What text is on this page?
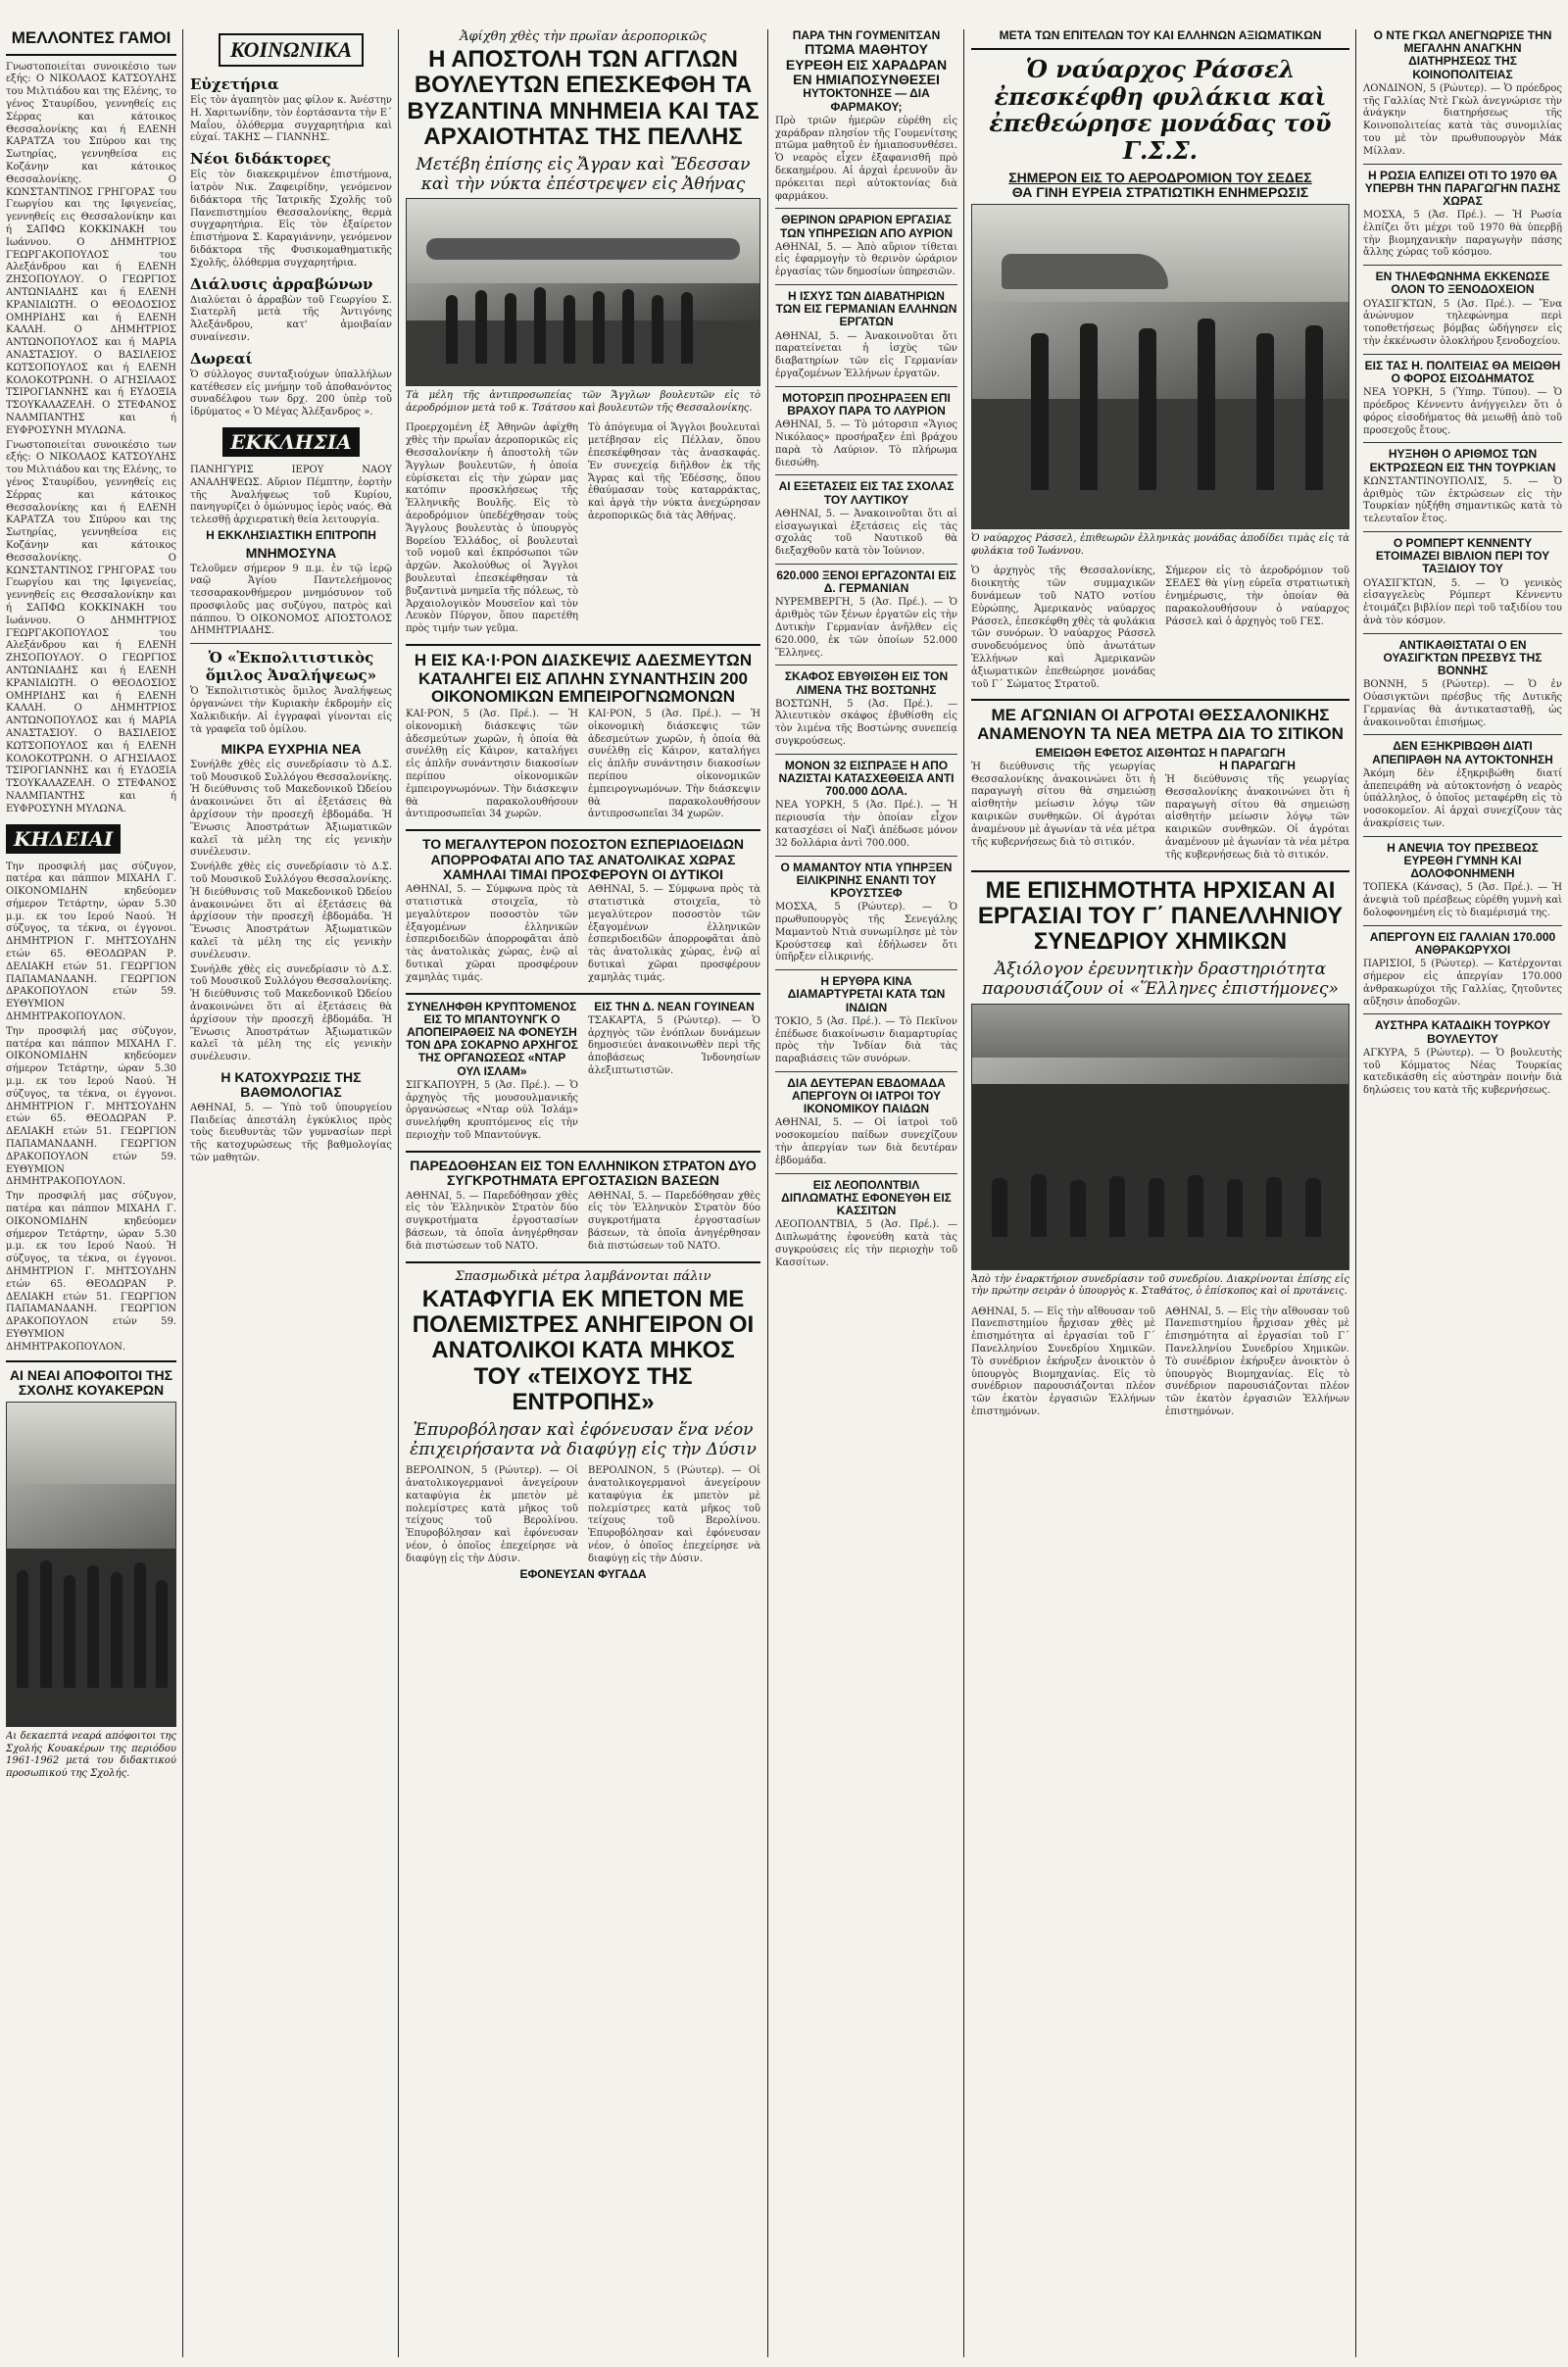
ΜΕΛΛΟΝΤΕΣ ΓΑΜΟΙ

Γνωστοποιείται συνοικέσιο των εξής: Ο ΝΙΚΟΛΑΟΣ ΚΑΤΣΟΥΛΗΣ του Μιλτιάδου και της Ελένης, το γένος Σταυρίδου, γεννηθείς εις Σέρρας και κάτοικος Θεσσαλονίκης και ή ΕΛΕΝΗ ΚΑΡΑΤΖΑ του Σπύρου και της Σωτηρίας, γεννηθείσα εις Κοζάνην και κάτοικος Θεσσαλονίκης. Ο ΚΩΝΣΤΑΝΤΙΝΟΣ ΓΡΗΓΟΡΑΣ του Γεωργίου και της Ιφιγενείας, γεννηθείς εις Θεσσαλονίκην και ή ΣΑΠΦΩ ΚΟΚΚΙΝΑΚΗ του Ιωάννου. Ο ΔΗΜΗΤΡΙΟΣ ΓΕΩΡΓΑΚΟΠΟΥΛΟΣ του Αλεξάνδρου και ή ΕΛΕΝΗ ΖΗΣΟΠΟΥΛΟΥ. Ο ΓΕΩΡΓΙΟΣ ΑΝΤΩΝΙΑΔΗΣ και ή ΕΛΕΝΗ ΚΡΑΝΙΔΙΩΤΗ. Ο ΘΕΟΔΟΣΙΟΣ ΟΜΗΡΙΔΗΣ και ή ΕΛΕΝΗ ΚΑΛΛΗ. Ο ΔΗΜΗΤΡΙΟΣ ΑΝΤΩΝΟΠΟΥΛΟΣ και ή ΜΑΡΙΑ ΑΝΑΣΤΑΣΙΟΥ. Ο ΒΑΣΙΛΕΙΟΣ ΚΩΤΣΟΠΟΥΛΟΣ και ή ΕΛΕΝΗ ΚΟΛΟΚΟΤΡΩΝΗ. Ο ΑΓΗΣΙΛΑΟΣ ΤΣΙΡΟΓΙΑΝΝΗΣ και ή ΕΥΔΟΞΙΑ ΤΣΟΥΚΑΛΑΖΕΛΗ. Ο ΣΤΕΦΑΝΟΣ ΝΑΛΜΠΑΝΤΗΣ και ή ΕΥΦΡΟΣΥΝΗ ΜΥΛΩΝΑ.

Γνωστοποιείται συνοικέσιο των εξής: Ο ΝΙΚΟΛΑΟΣ ΚΑΤΣΟΥΛΗΣ του Μιλτιάδου και της Ελένης, το γένος Σταυρίδου, γεννηθείς εις Σέρρας και κάτοικος Θεσσαλονίκης και ή ΕΛΕΝΗ ΚΑΡΑΤΖΑ του Σπύρου και της Σωτηρίας, γεννηθείσα εις Κοζάνην και κάτοικος Θεσσαλονίκης. Ο ΚΩΝΣΤΑΝΤΙΝΟΣ ΓΡΗΓΟΡΑΣ του Γεωργίου και της Ιφιγενείας, γεννηθείς εις Θεσσαλονίκην και ή ΣΑΠΦΩ ΚΟΚΚΙΝΑΚΗ του Ιωάννου. Ο ΔΗΜΗΤΡΙΟΣ ΓΕΩΡΓΑΚΟΠΟΥΛΟΣ του Αλεξάνδρου και ή ΕΛΕΝΗ ΖΗΣΟΠΟΥΛΟΥ. Ο ΓΕΩΡΓΙΟΣ ΑΝΤΩΝΙΑΔΗΣ και ή ΕΛΕΝΗ ΚΡΑΝΙΔΙΩΤΗ. Ο ΘΕΟΔΟΣΙΟΣ ΟΜΗΡΙΔΗΣ και ή ΕΛΕΝΗ ΚΑΛΛΗ. Ο ΔΗΜΗΤΡΙΟΣ ΑΝΤΩΝΟΠΟΥΛΟΣ και ή ΜΑΡΙΑ ΑΝΑΣΤΑΣΙΟΥ. Ο ΒΑΣΙΛΕΙΟΣ ΚΩΤΣΟΠΟΥΛΟΣ και ή ΕΛΕΝΗ ΚΟΛΟΚΟΤΡΩΝΗ. Ο ΑΓΗΣΙΛΑΟΣ ΤΣΙΡΟΓΙΑΝΝΗΣ και ή ΕΥΔΟΞΙΑ ΤΣΟΥΚΑΛΑΖΕΛΗ. Ο ΣΤΕΦΑΝΟΣ ΝΑΛΜΠΑΝΤΗΣ και ή ΕΥΦΡΟΣΥΝΗ ΜΥΛΩΝΑ.

ΚΗΔΕΙΑΙ

Την προσφιλή μας σύζυγον, πατέρα και πάππον ΜΙΧΑΗΛ Γ. ΟΙΚΟΝΟΜΙΔΗΝ κηδεύομεν σήμερον Τετάρτην, ώραν 5.30 μ.μ. εκ του Ιερού Ναού. Ἡ σύζυγος, τα τέκνα, οι έγγονοι. ΔΗΜΗΤΡΙΟΝ Γ. ΜΗΤΣΟΥΔΗΝ ετών 65. ΘΕΟΔΩΡΑΝ Ρ. ΔΕΛΙΑΚΗ ετών 51. ΓΕΩΡΓΙΟΝ ΠΑΠΑΜΑΝΔΑΝΗ. ΓΕΩΡΓΙΟΝ ΔΡΑΚΟΠΟΥΛΟΝ ετών 59. ΕΥΘΥΜΙΟΝ ΔΗΜΗΤΡΑΚΟΠΟΥΛΟΝ.

Την προσφιλή μας σύζυγον, πατέρα και πάππον ΜΙΧΑΗΛ Γ. ΟΙΚΟΝΟΜΙΔΗΝ κηδεύομεν σήμερον Τετάρτην, ώραν 5.30 μ.μ. εκ του Ιερού Ναού. Ἡ σύζυγος, τα τέκνα, οι έγγονοι. ΔΗΜΗΤΡΙΟΝ Γ. ΜΗΤΣΟΥΔΗΝ ετών 65. ΘΕΟΔΩΡΑΝ Ρ. ΔΕΛΙΑΚΗ ετών 51. ΓΕΩΡΓΙΟΝ ΠΑΠΑΜΑΝΔΑΝΗ. ΓΕΩΡΓΙΟΝ ΔΡΑΚΟΠΟΥΛΟΝ ετών 59. ΕΥΘΥΜΙΟΝ ΔΗΜΗΤΡΑΚΟΠΟΥΛΟΝ.

Την προσφιλή μας σύζυγον, πατέρα και πάππον ΜΙΧΑΗΛ Γ. ΟΙΚΟΝΟΜΙΔΗΝ κηδεύομεν σήμερον Τετάρτην, ώραν 5.30 μ.μ. εκ του Ιερού Ναού. Ἡ σύζυγος, τα τέκνα, οι έγγονοι. ΔΗΜΗΤΡΙΟΝ Γ. ΜΗΤΣΟΥΔΗΝ ετών 65. ΘΕΟΔΩΡΑΝ Ρ. ΔΕΛΙΑΚΗ ετών 51. ΓΕΩΡΓΙΟΝ ΠΑΠΑΜΑΝΔΑΝΗ. ΓΕΩΡΓΙΟΝ ΔΡΑΚΟΠΟΥΛΟΝ ετών 59. ΕΥΘΥΜΙΟΝ ΔΗΜΗΤΡΑΚΟΠΟΥΛΟΝ.

ΑΙ ΝΕΑΙ ΑΠΟΦΟΙΤΟΙ ΤΗΣ ΣΧΟΛΗΣ ΚΟΥΑΚΕΡΩΝ

Αι δεκαεπτά νεαρά απόφοιτοι της Σχολής Κουακέρων της περιόδου 1961-1962 μετά του διδακτικού προσωπικού της Σχολής.

ΚΟΙΝΩΝΙΚΑ
Εὐχετήρια

Εἰς τὸν ἀγαπητὸν μας φίλον κ. Ἀνέστην Η. Χαριτωνίδην, τὸν ἐορτάσαντα τὴν Ε΄ Μαΐου, ὁλόθερμα συγχαρητήρια καὶ εὐχαί. ΤΑΚΗΣ — ΓΙΑΝΝΗΣ.

Νέοι διδάκτορες

Εἰς τὸν διακεκριμένον ἐπιστήμονα, ἰατρὸν Νικ. Ζαφειρίδην, γενόμενον διδάκτορα τῆς Ἰατρικῆς Σχολῆς τοῦ Πανεπιστημίου Θεσσαλονίκης, θερμὰ συγχαρητήρια. Εἰς τὸν ἐξαίρετον ἐπιστήμονα Σ. Καραγιάννην, γενόμενον διδάκτορα τῆς Φυσικομαθηματικῆς Σχολῆς, ὁλόθερμα συγχαρητήρια.

Διάλυσις ἀρραβώνων

Διαλύεται ὁ ἀρραβὼν τοῦ Γεωργίου Σ. Σιατερλῆ μετὰ τῆς Ἀντιγόνης Ἀλεξάνδρου, κατ' ἀμοιβαίαν συναίνεσιν.

Δωρεαί

Ὁ σύλλογος συνταξιούχων ὑπαλλήλων κατέθεσεν εἰς μνήμην τοῦ ἀποθανόντος συναδέλφου των δρχ. 200 ὑπὲρ τοῦ ἱδρύματος « Ὁ Μέγας Ἀλέξανδρος ».

ΕΚΚΛΗΣΙΑ

ΠΑΝΗΓΥΡΙΣ ΙΕΡΟΥ ΝΑΟΥ ΑΝΑΛΗΨΕΩΣ. Αὔριον Πέμπτην, ἑορτὴν τῆς Ἀναλήψεως τοῦ Κυρίου, πανηγυρίζει ὁ ὁμώνυμος ἱερὸς ναός. Θὰ τελεσθῇ ἀρχιερατικὴ θεία λειτουργία.

Η ΕΚΚΛΗΣΙΑΣΤΙΚΗ ΕΠΙΤΡΟΠΗ
ΜΝΗΜΟΣΥΝΑ

Τελοῦμεν σήμερον 9 π.μ. ἐν τῷ ἱερῷ ναῷ Ἁγίου Παντελεήμονος τεσσαρακονθήμερον μνημόσυνον τοῦ προσφιλοῦς μας συζύγου, πατρὸς καὶ πάππου. Ὁ ΟΙΚΟΝΟΜΟΣ ΑΠΟΣΤΟΛΟΣ ΔΗΜΗΤΡΙΑΔΗΣ.

Ὁ «Ἐκπολιτιστικὸς ὅμιλος Ἀναλήψεως»

Ὁ Ἐκπολιτιστικὸς ὅμιλος Ἀναλήψεως ὀργανώνει τὴν Κυριακὴν ἐκδρομὴν εἰς Χαλκιδικήν. Αἱ ἐγγραφαὶ γίνονται εἰς τὰ γραφεῖα τοῦ ὁμίλου.

ΜΙΚΡΑ ΕΥΧΡΗΙΑ ΝΕΑ

Συνήλθε χθὲς εἰς συνεδρίασιν τὸ Δ.Σ. τοῦ Μουσικοῦ Συλλόγου Θεσσαλονίκης. Ἡ διεύθυνσις τοῦ Μακεδονικοῦ Ὠδείου ἀνακοινώνει ὅτι αἱ ἐξετάσεις θὰ ἀρχίσουν τὴν προσεχῆ ἑβδομάδα. Ἡ Ἕνωσις Ἀποστράτων Ἀξιωματικῶν καλεῖ τὰ μέλη της εἰς γενικὴν συνέλευσιν.

Συνήλθε χθὲς εἰς συνεδρίασιν τὸ Δ.Σ. τοῦ Μουσικοῦ Συλλόγου Θεσσαλονίκης. Ἡ διεύθυνσις τοῦ Μακεδονικοῦ Ὠδείου ἀνακοινώνει ὅτι αἱ ἐξετάσεις θὰ ἀρχίσουν τὴν προσεχῆ ἑβδομάδα. Ἡ Ἕνωσις Ἀποστράτων Ἀξιωματικῶν καλεῖ τὰ μέλη της εἰς γενικὴν συνέλευσιν.

Συνήλθε χθὲς εἰς συνεδρίασιν τὸ Δ.Σ. τοῦ Μουσικοῦ Συλλόγου Θεσσαλονίκης. Ἡ διεύθυνσις τοῦ Μακεδονικοῦ Ὠδείου ἀνακοινώνει ὅτι αἱ ἐξετάσεις θὰ ἀρχίσουν τὴν προσεχῆ ἑβδομάδα. Ἡ Ἕνωσις Ἀποστράτων Ἀξιωματικῶν καλεῖ τὰ μέλη της εἰς γενικὴν συνέλευσιν.

Η ΚΑΤΟΧΥΡΩΣΙΣ ΤΗΣ ΒΑΘΜΟΛΟΓΙΑΣ

ΑΘΗΝΑΙ, 5. — Ὑπὸ τοῦ ὑπουργείου Παιδείας ἀπεστάλη ἐγκύκλιος πρὸς τοὺς διευθυντὰς τῶν γυμνασίων περὶ τῆς κατοχυρώσεως τῆς βαθμολογίας τῶν μαθητῶν.

Ἀφίχθη χθὲς τὴν πρωΐαν ἀεροπορικῶς
Η ΑΠΟΣΤΟΛΗ ΤΩΝ ΑΓΓΛΩΝ ΒΟΥΛΕΥΤΩΝ ΕΠΕΣΚΕΦΘΗ ΤΑ ΒΥΖΑΝΤΙΝΑ ΜΝΗΜΕΙΑ ΚΑΙ ΤΑΣ ΑΡΧΑΙΟΤΗΤΑΣ ΤΗΣ ΠΕΛΛΗΣ
Μετέβη ἐπίσης εἰς Ἄγραν καὶ Ἔδεσσαν καὶ τὴν νύκτα ἐπέστρεψεν εἰς Ἀθήνας

Τὰ μέλη τῆς ἀντιπροσωπείας τῶν Ἄγγλων βουλευτῶν εἰς τὸ ἀεροδρόμιον μετὰ τοῦ κ. Τσάτσου καὶ βουλευτῶν τῆς Θεσσαλονίκης.

Προερχομένη ἐξ Ἀθηνῶν ἀφίχθη χθὲς τὴν πρωΐαν ἀεροπορικῶς εἰς Θεσσαλονίκην ἡ ἀποστολὴ τῶν Ἄγγλων βουλευτῶν, ἡ ὁποία εὑρίσκεται εἰς τὴν χώραν μας κατόπιν προσκλήσεως τῆς Ἑλληνικῆς Βουλῆς. Εἰς τὸ ἀεροδρόμιον ὑπεδέχθησαν τοὺς Ἄγγλους βουλευτὰς ὁ ὑπουργὸς Βορείου Ἑλλάδος, οἱ βουλευταὶ τοῦ νομοῦ καὶ ἐκπρόσωποι τῶν ἀρχῶν. Ἀκολούθως οἱ Ἄγγλοι βουλευταὶ ἐπεσκέφθησαν τὰ βυζαντινὰ μνημεῖα τῆς πόλεως, τὸ Ἀρχαιολογικὸν Μουσεῖον καὶ τὸν Λευκὸν Πύργον, ὅπου παρετέθη πρὸς τιμήν των γεῦμα.

Τὸ ἀπόγευμα οἱ Ἄγγλοι βουλευταὶ μετέβησαν εἰς Πέλλαν, ὅπου ἐπεσκέφθησαν τὰς ἀνασκαφάς. Ἐν συνεχείᾳ διῆλθον ἐκ τῆς Ἄγρας καὶ τῆς Ἐδέσσης, ὅπου ἐθαύμασαν τοὺς καταρράκτας, καὶ ἀργὰ τὴν νύκτα ἀνεχώρησαν ἀεροπορικῶς διὰ τὰς Ἀθήνας.

Η ΕΙΣ ΚΑ·Ι·ΡΟΝ ΔΙΑΣΚΕΨΙΣ ΑΔΕΣΜΕΥΤΩΝ ΚΑΤΑΛΗΓΕΙ ΕΙΣ ΑΠΛΗΝ ΣΥΝΑΝΤΗΣΙΝ 200 ΟΙΚΟΝΟΜΙΚΩΝ ΕΜΠΕΙΡΟΓΝΩΜΟΝΩΝ

ΚΑΙ·ΡΟΝ, 5 (Ἀσ. Πρέ.). — Ἡ οἰκονομικὴ διάσκεψις τῶν ἀδεσμεύτων χωρῶν, ἡ ὁποία θὰ συνέλθῃ εἰς Κάιρον, καταλήγει εἰς ἁπλῆν συνάντησιν διακοσίων περίπου οἰκονομικῶν ἐμπειρογνωμόνων. Τὴν διάσκεψιν θὰ παρακολουθήσουν ἀντιπροσωπεῖαι 34 χωρῶν.

ΚΑΙ·ΡΟΝ, 5 (Ἀσ. Πρέ.). — Ἡ οἰκονομικὴ διάσκεψις τῶν ἀδεσμεύτων χωρῶν, ἡ ὁποία θὰ συνέλθῃ εἰς Κάιρον, καταλήγει εἰς ἁπλῆν συνάντησιν διακοσίων περίπου οἰκονομικῶν ἐμπειρογνωμόνων. Τὴν διάσκεψιν θὰ παρακολουθήσουν ἀντιπροσωπεῖαι 34 χωρῶν.

ΤΟ ΜΕΓΑΛΥΤΕΡΟΝ ΠΟΣΟΣΤΟΝ ΕΣΠΕΡΙΔΟΕΙΔΩΝ ΑΠΟΡΡΟΦΑΤΑΙ ΑΠΟ ΤΑΣ ΑΝΑΤΟΛΙΚΑΣ ΧΩΡΑΣ ΧΑΜΗΛΑΙ ΤΙΜΑΙ ΠΡΟΣΦΕΡΟΥΝ ΟΙ ΔΥΤΙΚΟΙ

ΑΘΗΝΑΙ, 5. — Σύμφωνα πρὸς τὰ στατιστικὰ στοιχεῖα, τὸ μεγαλύτερον ποσοστὸν τῶν ἐξαγομένων ἑλληνικῶν ἐσπεριδοειδῶν ἀπορροφᾶται ἀπὸ τὰς ἀνατολικὰς χώρας, ἐνῷ αἱ δυτικαὶ χῶραι προσφέρουν χαμηλὰς τιμάς.

ΑΘΗΝΑΙ, 5. — Σύμφωνα πρὸς τὰ στατιστικὰ στοιχεῖα, τὸ μεγαλύτερον ποσοστὸν τῶν ἐξαγομένων ἑλληνικῶν ἐσπεριδοειδῶν ἀπορροφᾶται ἀπὸ τὰς ἀνατολικὰς χώρας, ἐνῷ αἱ δυτικαὶ χῶραι προσφέρουν χαμηλὰς τιμάς.

ΣΥΝΕΛΗΦΘΗ ΚΡΥΠΤΟΜΕΝΟΣ ΕΙΣ ΤΟ ΜΠΑΝΤΟΥΝΓΚ Ο ΑΠΟΠΕΙΡΑΘΕΙΣ ΝΑ ΦΟΝΕΥΣΗ ΤΟΝ ΔΡΑ ΣΟΚΑΡΝΟ ΑΡΧΗΓΟΣ ΤΗΣ ΟΡΓΑΝΩΣΕΩΣ «ΝΤΑΡ ΟΥΛ ΙΣΛΑΜ»

ΣΙΓΚΑΠΟΥΡΗ, 5 (Ἀσ. Πρέ.). — Ὁ ἀρχηγὸς τῆς μουσουλμανικῆς ὀργανώσεως «Νταρ ούλ Ἰσλάμ» συνελήφθη κρυπτόμενος εἰς τὴν περιοχὴν τοῦ Μπαντούνγκ.

ΕΙΣ ΤΗΝ Δ. ΝΕΑΝ ΓΟΥΙΝΕΑΝ

ΤΣΑΚΑΡΤΑ, 5 (Ρώυτερ). — Ὁ ἀρχηγὸς τῶν ἐνόπλων δυνάμεων δημοσιεύει ἀνακοινωθὲν περὶ τῆς ἀποβάσεως Ἰνδονησίων ἀλεξιπτωτιστῶν.

ΠΑΡΕΔΟΘΗΣΑΝ ΕΙΣ ΤΟΝ ΕΛΛΗΝΙΚΟΝ ΣΤΡΑΤΟΝ ΔΥΟ ΣΥΓΚΡΟΤΗΜΑΤΑ ΕΡΓΟΣΤΑΣΙΩΝ ΒΑΣΕΩΝ

ΑΘΗΝΑΙ, 5. — Παρεδόθησαν χθὲς εἰς τὸν Ἑλληνικὸν Στρατὸν δύο συγκροτήματα ἐργοστασίων βάσεων, τὰ ὁποῖα ἀνηγέρθησαν διὰ πιστώσεων τοῦ ΝΑΤΟ.

ΑΘΗΝΑΙ, 5. — Παρεδόθησαν χθὲς εἰς τὸν Ἑλληνικὸν Στρατὸν δύο συγκροτήματα ἐργοστασίων βάσεων, τὰ ὁποῖα ἀνηγέρθησαν διὰ πιστώσεων τοῦ ΝΑΤΟ.

Σπασμωδικὰ μέτρα λαμβάνονται πάλιν
ΚΑΤΑΦΥΓΙΑ ΕΚ ΜΠΕΤΟΝ ΜΕ ΠΟΛΕΜΙΣΤΡΕΣ ΑΝΗΓΕΙΡΟΝ ΟΙ ΑΝΑΤΟΛΙΚΟΙ ΚΑΤΑ ΜΗΚΟΣ ΤΟΥ «ΤΕΙΧΟΥΣ ΤΗΣ ΕΝΤΡΟΠΗΣ»
Ἐπυροβόλησαν καὶ ἐφόνευσαν ἕνα νέον ἐπιχειρήσαντα νὰ διαφύγῃ εἰς τὴν Δύσιν

ΒΕΡΟΛΙΝΟΝ, 5 (Ρώυτερ). — Οἱ ἀνατολικογερμανοὶ ἀνεγείρουν καταφύγια ἐκ μπετὸν μὲ πολεμίστρες κατὰ μῆκος τοῦ τείχους τοῦ Βερολίνου. Ἐπυροβόλησαν καὶ ἐφόνευσαν νέον, ὁ ὁποῖος ἐπεχείρησε νὰ διαφύγῃ εἰς τὴν Δύσιν.

ΒΕΡΟΛΙΝΟΝ, 5 (Ρώυτερ). — Οἱ ἀνατολικογερμανοὶ ἀνεγείρουν καταφύγια ἐκ μπετὸν μὲ πολεμίστρες κατὰ μῆκος τοῦ τείχους τοῦ Βερολίνου. Ἐπυροβόλησαν καὶ ἐφόνευσαν νέον, ὁ ὁποῖος ἐπεχείρησε νὰ διαφύγῃ εἰς τὴν Δύσιν.

ΕΦΟΝΕΥΣΑΝ ΦΥΓΑΔΑ
ΠΑΡΑ ΤΗΝ ΓΟΥΜΕΝΙΤΣΑΝ
ΠΤΩΜΑ ΜΑΘΗΤΟΥ ΕΥΡΕΘΗ ΕΙΣ ΧΑΡΑΔΡΑΝ ΕΝ ΗΜΙΑΠΟΣΥΝΘΕΣΕΙ
ΗΥΤΟΚΤΟΝΗΣΕ — ΔΙΑ ΦΑΡΜΑΚΟΥ;

Πρὸ τριῶν ἡμερῶν εὑρέθη εἰς χαράδραν πλησίον τῆς Γουμενίτσης πτῶμα μαθητοῦ ἐν ἡμιαποσυνθέσει. Ὁ νεαρὸς εἶχεν ἐξαφανισθῆ πρὸ δεκαημέρου. Αἱ ἀρχαὶ ἐρευνοῦν ἂν πρόκειται περὶ αὐτοκτονίας διὰ φαρμάκου.

ΘΕΡΙΝΟΝ ΩΡΑΡΙΟΝ ΕΡΓΑΣΙΑΣ ΤΩΝ ΥΠΗΡΕΣΙΩΝ ΑΠΟ ΑΥΡΙΟΝ

ΑΘΗΝΑΙ, 5. — Ἀπὸ αὔριον τίθεται εἰς ἐφαρμογὴν τὸ θερινὸν ὡράριον ἐργασίας τῶν δημοσίων ὑπηρεσιῶν.

Η ΙΣΧΥΣ ΤΩΝ ΔΙΑΒΑΤΗΡΙΩΝ ΤΩΝ ΕΙΣ ΓΕΡΜΑΝΙΑΝ ΕΛΛΗΝΩΝ ΕΡΓΑΤΩΝ

ΑΘΗΝΑΙ, 5. — Ἀνακοινοῦται ὅτι παρατείνεται ἡ ἰσχὺς τῶν διαβατηρίων τῶν εἰς Γερμανίαν ἐργαζομένων Ἑλλήνων ἐργατῶν.

ΜΟΤΟΡΣΙΠ ΠΡΟΣΗΡΑΞΕΝ ΕΠΙ ΒΡΑΧΟΥ ΠΑΡΑ ΤΟ ΛΑΥΡΙΟΝ

ΑΘΗΝΑΙ, 5. — Τὸ μότορσιπ «Ἅγιος Νικόλαος» προσήραξεν ἐπὶ βράχου παρὰ τὸ Λαύριον. Τὸ πλήρωμα διεσώθη.

ΑΙ ΕΞΕΤΑΣΕΙΣ ΕΙΣ ΤΑΣ ΣΧΟΛΑΣ ΤΟΥ ΛΑΥΤΙΚΟΥ

ΑΘΗΝΑΙ, 5. — Ἀνακοινοῦται ὅτι αἱ εἰσαγωγικαὶ ἐξετάσεις εἰς τὰς σχολὰς τοῦ Ναυτικοῦ θὰ διεξαχθοῦν κατὰ τὸν Ἰούνιον.

620.000 ΞΕΝΟΙ ΕΡΓΑΖΟΝΤΑΙ ΕΙΣ Δ. ΓΕΡΜΑΝΙΑΝ

ΝΥΡΕΜΒΕΡΓΗ, 5 (Ἀσ. Πρέ.). — Ὁ ἀριθμὸς τῶν ξένων ἐργατῶν εἰς τὴν Δυτικὴν Γερμανίαν ἀνῆλθεν εἰς 620.000, ἐκ τῶν ὁποίων 52.000 Ἕλληνες.

ΣΚΑΦΟΣ ΕΒΥΘΙΣΘΗ ΕΙΣ ΤΟΝ ΛΙΜΕΝΑ ΤΗΣ ΒΟΣΤΩΝΗΣ

ΒΟΣΤΩΝΗ, 5 (Ἀσ. Πρέ.). — Ἁλιευτικὸν σκάφος ἐβυθίσθη εἰς τὸν λιμένα τῆς Βοστώνης συνεπείᾳ συγκρούσεως.

ΜΟΝΟΝ 32 ΕΙΣΠΡΑΞΕ Η ΑΠΟ ΝΑΖΙΣΤΑΙ ΚΑΤΑΣΧΕΘΕΙΣΑ ΑΝΤΙ 700.000 ΔΟΛΑ.

ΝΕΑ ΥΟΡΚΗ, 5 (Ἀσ. Πρέ.). — Ἡ περιουσία τὴν ὁποίαν εἶχον κατασχέσει οἱ Ναζὶ ἀπέδωσε μόνον 32 δολλάρια ἀντὶ 700.000.

Ο ΜΑΜΑΝΤΟΥ ΝΤΙΑ ΥΠΗΡΞΕΝ ΕΙΛΙΚΡΙΝΗΣ ΕΝΑΝΤΙ ΤΟΥ ΚΡΟΥΣΤΣΕΦ

ΜΟΣΧΑ, 5 (Ρώυτερ). — Ὁ πρωθυπουργὸς τῆς Σενεγάλης Μαμαντοὺ Ντιὰ συνωμίλησε μὲ τὸν Κρούστσεφ καὶ ἐδήλωσεν ὅτι ὑπῆρξεν εἰλικρινής.

Η ΕΡΥΘΡΑ ΚΙΝΑ ΔΙΑΜΑΡΤΥΡΕΤΑΙ ΚΑΤΑ ΤΩΝ ΙΝΔΙΩΝ

ΤΟΚΙΟ, 5 (Ἀσ. Πρέ.). — Τὸ Πεκῖνον ἐπέδωσε διακοίνωσιν διαμαρτυρίας πρὸς τὴν Ἰνδίαν διὰ τὰς παραβιάσεις τῶν συνόρων.

ΔΙΑ ΔΕΥΤΕΡΑΝ ΕΒΔΟΜΑΔΑ ΑΠΕΡΓΟΥΝ ΟΙ ΙΑΤΡΟΙ ΤΟΥ ΙΚΟΝΟΜΙΚΟΥ ΠΑΙΔΩΝ

ΑΘΗΝΑΙ, 5. — Οἱ ἰατροὶ τοῦ νοσοκομείου παίδων συνεχίζουν τὴν ἀπεργίαν των διὰ δευτέραν ἑβδομάδα.

ΕΙΣ ΛΕΟΠΟΛΝΤΒΙΛ
ΔΙΠΛΩΜΑΤΗΣ ΕΦΟΝΕΥΘΗ ΕΙΣ ΚΑΣΣΙΤΩΝ

ΛΕΟΠΟΛΝΤΒΙΛ, 5 (Ἀσ. Πρέ.). — Διπλωμάτης ἐφονεύθη κατὰ τὰς συγκρούσεις εἰς τὴν περιοχὴν τοῦ Κασσίτων.

ΜΕΤΑ ΤΩΝ ΕΠΙΤΕΛΩΝ ΤΟΥ ΚΑΙ ΕΛΛΗΝΩΝ ΑΞΙΩΜΑΤΙΚΩΝ
Ὁ ναύαρχος Ράσσελ ἐπεσκέφθη φυλάκια καὶ ἐπεθεώρησε μονάδας τοῦ Γ.Σ.Σ.
ΣΗΜΕΡΟΝ ΕΙΣ ΤΟ ΑΕΡΟΔΡΟΜΙΟΝ ΤΟΥ ΣΕΔΕΣ
ΘΑ ΓΙΝΗ ΕΥΡΕΙΑ ΣΤΡΑΤΙΩΤΙΚΗ ΕΝΗΜΕΡΩΣΙΣ

Ὁ ναύαρχος Ράσσελ, ἐπιθεωρῶν ἑλληνικὰς μονάδας ἀποδίδει τιμὰς εἰς τὰ φυλάκια τοῦ Ἰωάννου.

Ὁ ἀρχηγὸς τῆς Θεσσαλονίκης, διοικητὴς τῶν συμμαχικῶν δυνάμεων τοῦ ΝΑΤΟ νοτίου Εὐρώπης, Ἀμερικανὸς ναύαρχος Ράσσελ, ἐπεσκέφθη χθὲς τὰ φυλάκια τῶν συνόρων. Ὁ ναύαρχος Ράσσελ συνοδευόμενος ὑπὸ ἀνωτάτων Ἑλλήνων καὶ Ἀμερικανῶν ἀξιωματικῶν ἐπεθεώρησε μονάδας τοῦ Γ΄ Σώματος Στρατοῦ.

Σήμερον εἰς τὸ ἀεροδρόμιον τοῦ ΣΕΔΕΣ θὰ γίνῃ εὐρεῖα στρατιωτικὴ ἐνημέρωσις, τὴν ὁποίαν θὰ παρακολουθήσουν ὁ ναύαρχος Ράσσελ καὶ ὁ ἀρχηγὸς τοῦ ΓΕΣ.

ΜΕ ΑΓΩΝΙΑΝ ΟΙ ΑΓΡΟΤΑΙ ΘΕΣΣΑΛΟΝΙΚΗΣ ΑΝΑΜΕΝΟΥΝ ΤΑ ΝΕΑ ΜΕΤΡΑ ΔΙΑ ΤΟ ΣΙΤΙΚΟΝ
ΕΜΕΙΩΘΗ ΕΦΕΤΟΣ ΑΙΣΘΗΤΩΣ Η ΠΑΡΑΓΩΓΗ

Ἡ διεύθυνσις τῆς γεωργίας Θεσσαλονίκης ἀνακοινώνει ὅτι ἡ παραγωγὴ σίτου θὰ σημειώσῃ αἰσθητὴν μείωσιν λόγῳ τῶν καιρικῶν συνθηκῶν. Οἱ ἀγρόται ἀναμένουν μὲ ἀγωνίαν τὰ νέα μέτρα τῆς κυβερνήσεως διὰ τὸ σιτικόν.

Η ΠΑΡΑΓΩΓΗ

Ἡ διεύθυνσις τῆς γεωργίας Θεσσαλονίκης ἀνακοινώνει ὅτι ἡ παραγωγὴ σίτου θὰ σημειώσῃ αἰσθητὴν μείωσιν λόγῳ τῶν καιρικῶν συνθηκῶν. Οἱ ἀγρόται ἀναμένουν μὲ ἀγωνίαν τὰ νέα μέτρα τῆς κυβερνήσεως διὰ τὸ σιτικόν.

ΜΕ ΕΠΙΣΗΜΟΤΗΤΑ ΗΡΧΙΣΑΝ ΑΙ ΕΡΓΑΣΙΑΙ ΤΟΥ Γ΄ ΠΑΝΕΛΛΗΝΙΟΥ ΣΥΝΕΔΡΙΟΥ ΧΗΜΙΚΩΝ
Ἀξιόλογον ἐρευνητικὴν δραστηριότητα παρουσιάζουν οἱ «Ἕλληνες ἐπιστήμονες»

Ἀπὸ τὴν ἐναρκτήριον συνεδρίασιν τοῦ συνεδρίου. Διακρίνονται ἐπίσης εἰς τὴν πρώτην σειρὰν ὁ ὑπουργὸς κ. Σταθάτος, ὁ ἐπίσκοπος καὶ οἱ πρυτάνεις.

ΑΘΗΝΑΙ, 5. — Εἰς τὴν αἴθουσαν τοῦ Πανεπιστημίου ἤρχισαν χθὲς μὲ ἐπισημότητα αἱ ἐργασίαι τοῦ Γ΄ Πανελληνίου Συνεδρίου Χημικῶν. Τὸ συνέδριον ἐκήρυξεν ἀνοικτὸν ὁ ὑπουργὸς Βιομηχανίας. Εἰς τὸ συνέδριον παρουσιάζονται πλέον τῶν ἑκατὸν ἐργασιῶν Ἑλλήνων ἐπιστημόνων.

ΑΘΗΝΑΙ, 5. — Εἰς τὴν αἴθουσαν τοῦ Πανεπιστημίου ἤρχισαν χθὲς μὲ ἐπισημότητα αἱ ἐργασίαι τοῦ Γ΄ Πανελληνίου Συνεδρίου Χημικῶν. Τὸ συνέδριον ἐκήρυξεν ἀνοικτὸν ὁ ὑπουργὸς Βιομηχανίας. Εἰς τὸ συνέδριον παρουσιάζονται πλέον τῶν ἑκατὸν ἐργασιῶν Ἑλλήνων ἐπιστημόνων.

Ο ΝΤΕ ΓΚΩΛ ΑΝΕΓΝΩΡΙΣΕ ΤΗΝ ΜΕΓΑΛΗΝ ΑΝΑΓΚΗΝ ΔΙΑΤΗΡΗΣΕΩΣ ΤΗΣ ΚΟΙΝΟΠΟΛΙΤΕΙΑΣ

ΛΟΝΔΙΝΟΝ, 5 (Ρώυτερ). — Ὁ πρόεδρος τῆς Γαλλίας Ντὲ Γκὼλ ἀνεγνώρισε τὴν ἀνάγκην διατηρήσεως τῆς Κοινοπολιτείας κατὰ τὰς συνομιλίας του μὲ τὸν πρωθυπουργὸν Μάκ Μίλλαν.

Η ΡΩΣΙΑ ΕΛΠΙΖΕΙ ΟΤΙ ΤΟ 1970 ΘΑ ΥΠΕΡΒΗ ΤΗΝ ΠΑΡΑΓΩΓΗΝ ΠΑΣΗΣ ΧΩΡΑΣ

ΜΟΣΧΑ, 5 (Ἀσ. Πρέ.). — Ἡ Ρωσία ἐλπίζει ὅτι μέχρι τοῦ 1970 θὰ ὑπερβῇ τὴν βιομηχανικὴν παραγωγὴν πάσης ἄλλης χώρας τοῦ κόσμου.

ΕΝ ΤΗΛΕΦΩΝΗΜΑ ΕΚΚΕΝΩΣΕ ΟΛΟΝ ΤΟ ΞΕΝΟΔΟΧΕΙΟΝ

ΟΥΑΣΙΓΚΤΩΝ, 5 (Ἀσ. Πρέ.). — Ἕνα ἀνώνυμον τηλεφώνημα περὶ τοποθετήσεως βόμβας ὡδήγησεν εἰς τὴν ἐκκένωσιν ὁλοκλήρου ξενοδοχείου.

ΕΙΣ ΤΑΣ Η. ΠΟΛΙΤΕΙΑΣ ΘΑ ΜΕΙΩΘΗ Ο ΦΟΡΟΣ ΕΙΣΟΔΗΜΑΤΟΣ

ΝΕΑ ΥΟΡΚΗ, 5 (Ὑπηρ. Τύπου). — Ὁ πρόεδρος Κέννεντυ ἀνήγγειλεν ὅτι ὁ φόρος εἰσοδήματος θὰ μειωθῇ ἀπὸ τοῦ προσεχοῦς ἔτους.

ΗΥΞΗΘΗ Ο ΑΡΙΘΜΟΣ ΤΩΝ ΕΚΤΡΩΣΕΩΝ ΕΙΣ ΤΗΝ ΤΟΥΡΚΙΑΝ

ΚΩΝΣΤΑΝΤΙΝΟΥΠΟΛΙΣ, 5. — Ὁ ἀριθμὸς τῶν ἐκτρώσεων εἰς τὴν Τουρκίαν ηὐξήθη σημαντικῶς κατὰ τὸ τελευταῖον ἔτος.

Ο ΡΟΜΠΕΡΤ ΚΕΝΝΕΝΤΥ ΕΤΟΙΜΑΖΕΙ ΒΙΒΛΙΟΝ ΠΕΡΙ ΤΟΥ ΤΑΞΙΔΙΟΥ ΤΟΥ

ΟΥΑΣΙΓΚΤΩΝ, 5. — Ὁ γενικὸς εἰσαγγελεὺς Ρόμπερτ Κέννεντυ ἑτοιμάζει βιβλίον περὶ τοῦ ταξιδίου του ἀνὰ τὸν κόσμον.

ΑΝΤΙΚΑΘΙΣΤΑΤΑΙ Ο ΕΝ ΟΥΑΣΙΓΚΤΩΝ ΠΡΕΣΒΥΣ ΤΗΣ ΒΟΝΝΗΣ

ΒΟΝΝΗ, 5 (Ρώυτερ). — Ὁ ἐν Οὐασιγκτῶνι πρέσβυς τῆς Δυτικῆς Γερμανίας θὰ ἀντικατασταθῇ, ὡς ἀνακοινοῦται ἐπισήμως.

ΔΕΝ ΕΞΗΚΡΙΒΩΘΗ ΔΙΑΤΙ ΑΠΕΠΙΡΑΘΗ ΝΑ ΑΥΤΟΚΤΟΝΗΣΗ

Ἀκόμη δὲν ἐξηκριβώθη διατί ἀπεπειράθη νὰ αὐτοκτονήσῃ ὁ νεαρὸς ὑπάλληλος, ὁ ὁποῖος μεταφέρθη εἰς τὸ νοσοκομεῖον. Αἱ ἀρχαὶ συνεχίζουν τὰς ἀνακρίσεις των.

Η ΑΝΕΨΙΑ ΤΟΥ ΠΡΕΣΒΕΩΣ ΕΥΡΕΘΗ ΓΥΜΝΗ ΚΑΙ ΔΟΛΟΦΟΝΗΜΕΝΗ

ΤΟΠΕΚΑ (Κάνσας), 5 (Ἀσ. Πρέ.). — Ἡ ἀνεψιὰ τοῦ πρέσβεως εὑρέθη γυμνὴ καὶ δολοφονημένη εἰς τὸ διαμέρισμά της.

ΑΠΕΡΓΟΥΝ ΕΙΣ ΓΑΛΛΙΑΝ 170.000 ΑΝΘΡΑΚΩΡΥΧΟΙ

ΠΑΡΙΣΙΟΙ, 5 (Ρώυτερ). — Κατέρχονται σήμερον εἰς ἀπεργίαν 170.000 ἀνθρακωρύχοι τῆς Γαλλίας, ζητοῦντες αὔξησιν ἀποδοχῶν.

ΑΥΣΤΗΡΑ ΚΑΤΑΔΙΚΗ ΤΟΥΡΚΟΥ ΒΟΥΛΕΥΤΟΥ

ΑΓΚΥΡΑ, 5 (Ρώυτερ). — Ὁ βουλευτὴς τοῦ Κόμματος Νέας Τουρκίας κατεδικάσθη εἰς αὐστηρὰν ποινὴν διὰ δηλώσεις του κατὰ τῆς κυβερνήσεως.
